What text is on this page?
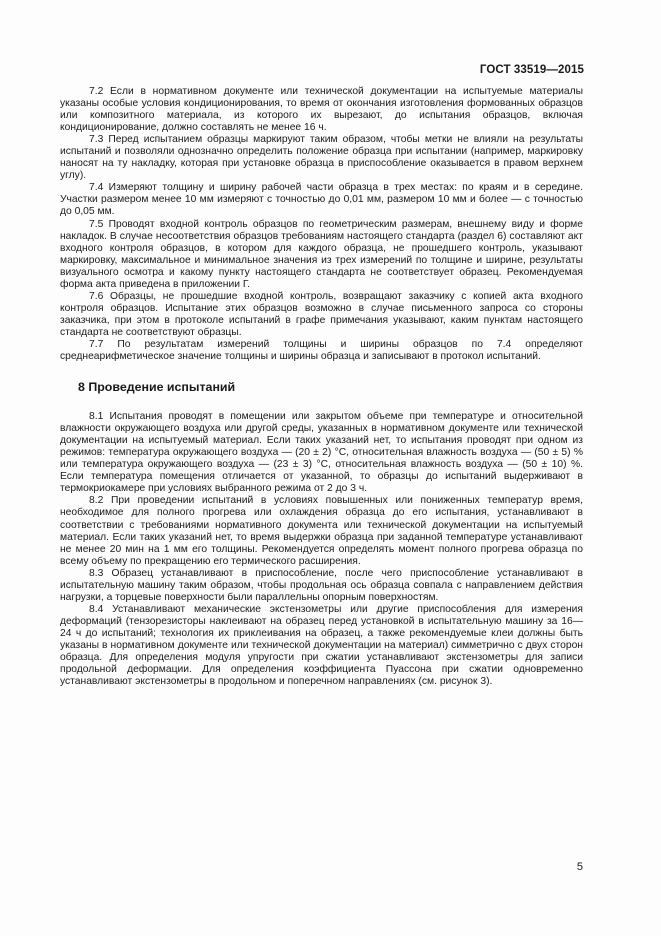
ГОСТ 33519—2015

7.2 Если в нормативном документе или технической документации на испытуемые материалы указаны особые условия кондиционирования, то время от окончания изготовления формованных образцов или композитного материала, из которого их вырезают, до испытания образцов, включая кондиционирование, должно составлять не менее 16 ч.

7.3 Перед испытанием образцы маркируют таким образом, чтобы метки не влияли на результаты испытаний и позволяли однозначно определить положение образца при испытании (например, маркировку наносят на ту накладку, которая при установке образца в приспособление оказывается в правом верхнем углу).

7.4 Измеряют толщину и ширину рабочей части образца в трех местах: по краям и в середине. Участки размером менее 10 мм измеряют с точностью до 0,01 мм, размером 10 мм и более — с точностью до 0,05 мм.

7.5 Проводят входной контроль образцов по геометрическим размерам, внешнему виду и форме накладок. В случае несоответствия образцов требованиям настоящего стандарта (раздел 6) составляют акт входного контроля образцов, в котором для каждого образца, не прошедшего контроль, указывают маркировку, максимальное и минимальное значения из трех измерений по толщине и ширине, результаты визуального осмотра и какому пункту настоящего стандарта не соответствует образец. Рекомендуемая форма акта приведена в приложении Г.

7.6 Образцы, не прошедшие входной контроль, возвращают заказчику с копией акта входного контроля образцов. Испытание этих образцов возможно в случае письменного запроса со стороны заказчика, при этом в протоколе испытаний в графе примечания указывают, каким пунктам настоящего стандарта не соответствуют образцы.

7.7 По результатам измерений толщины и ширины образцов по 7.4 определяют среднеарифметическое значение толщины и ширины образца и записывают в протокол испытаний.

8 Проведение испытаний

8.1 Испытания проводят в помещении или закрытом объеме при температуре и относительной влажности окружающего воздуха или другой среды, указанных в нормативном документе или технической документации на испытуемый материал. Если таких указаний нет, то испытания проводят при одном из режимов: температура окружающего воздуха — (20 ± 2) °С, относительная влажность воздуха — (50 ± 5) % или температура окружающего воздуха — (23 ± 3) °С, относительная влажность воздуха — (50 ± 10) %. Если температура помещения отличается от указанной, то образцы до испытаний выдерживают в термокриокамере при условиях выбранного режима от 2 до 3 ч.

8.2 При проведении испытаний в условиях повышенных или пониженных температур время, необходимое для полного прогрева или охлаждения образца до его испытания, устанавливают в соответствии с требованиями нормативного документа или технической документации на испытуемый материал. Если таких указаний нет, то время выдержки образца при заданной температуре устанавливают не менее 20 мин на 1 мм его толщины. Рекомендуется определять момент полного прогрева образца по всему объему по прекращению его термического расширения.

8.3 Образец устанавливают в приспособление, после чего приспособление устанавливают в испытательную машину таким образом, чтобы продольная ось образца совпала с направлением действия нагрузки, а торцевые поверхности были параллельны опорным поверхностям.

8.4 Устанавливают механические экстензометры или другие приспособления для измерения деформаций (тензорезисторы наклеивают на образец перед установкой в испытательную машину за 16—24 ч до испытаний; технология их приклеивания на образец, а также рекомендуемые клеи должны быть указаны в нормативном документе или технической документации на материал) симметрично с двух сторон образца. Для определения модуля упругости при сжатии устанавливают экстензометры для записи продольной деформации. Для определения коэффициента Пуассона при сжатии одновременно устанавливают экстензометры в продольном и поперечном направлениях (см. рисунок 3).

5
